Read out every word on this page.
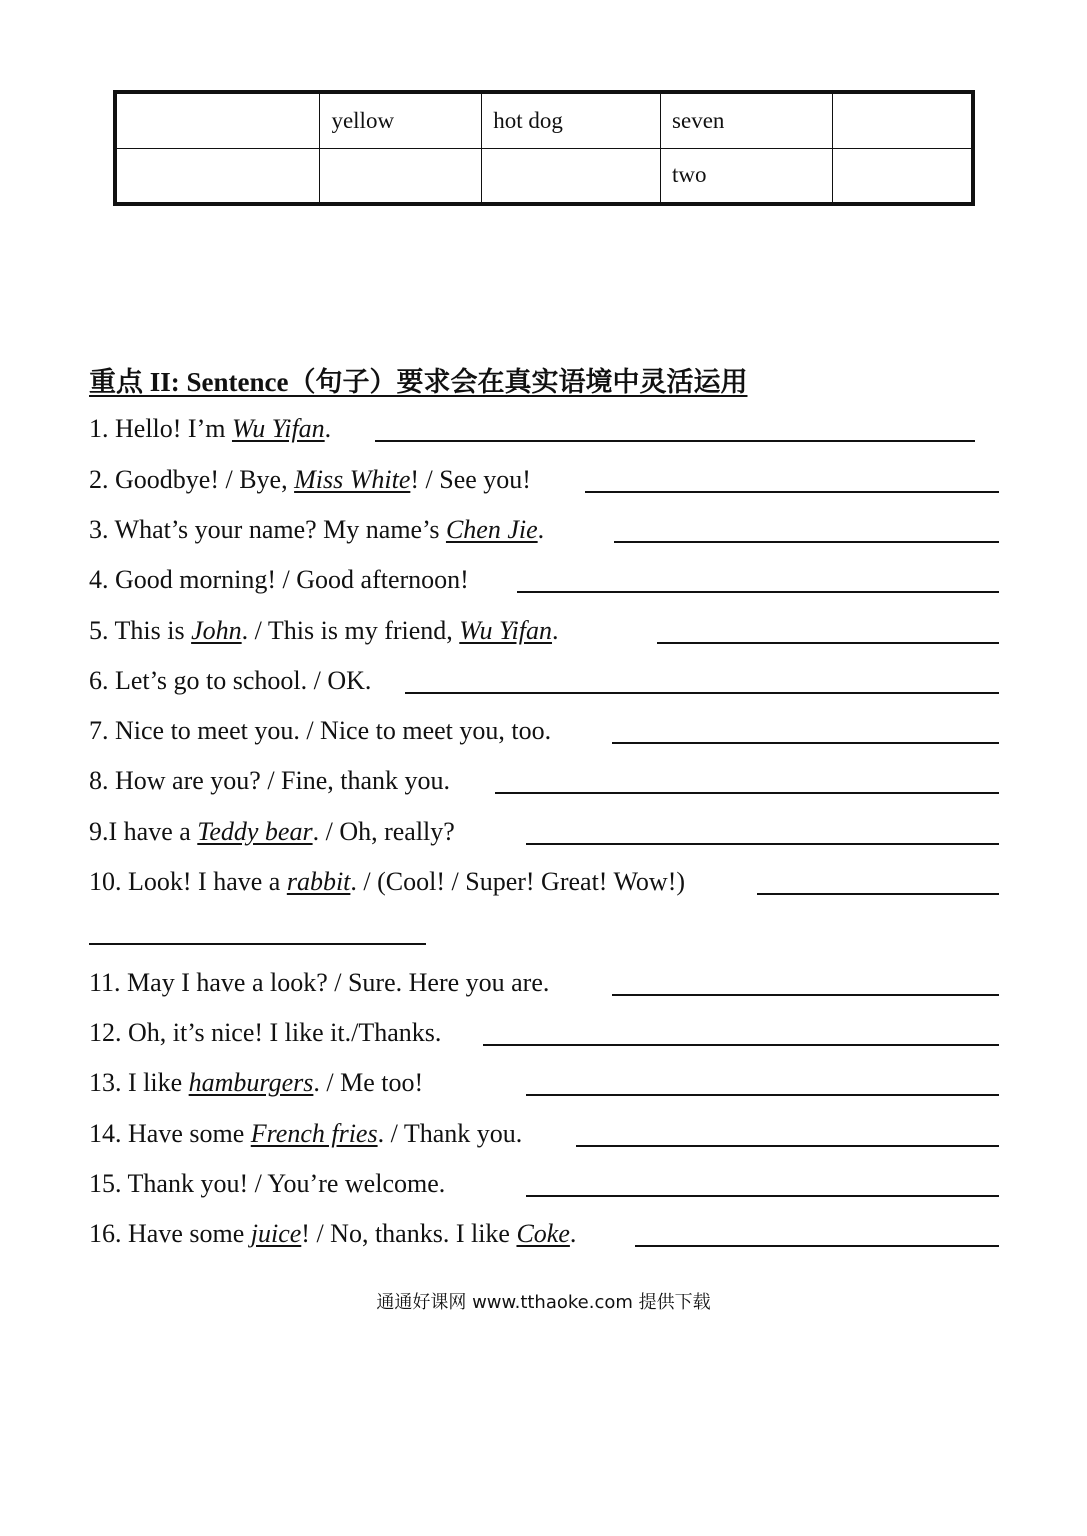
	yellow	hot dog	seven	
			two	
重点 II: Sentence（句子）要求会在真实语境中灵活运用
1. Hello! I’m Wu Yifan.
2. Goodbye! / Bye, Miss White! / See you!
3. What’s your name? My name’s Chen Jie.
4. Good morning! / Good afternoon!
5. This is John. / This is my friend, Wu Yifan.
6. Let’s go to school. / OK.
7. Nice to meet you. / Nice to meet you, too.
8. How are you? / Fine, thank you.
9.I have a Teddy bear. / Oh, really?
10. Look! I have a rabbit. / (Cool! / Super! Great! Wow!)
11. May I have a look? / Sure. Here you are.
12. Oh, it’s nice! I like it./Thanks.
13. I like hamburgers. / Me too!
14. Have some French fries. / Thank you.
15. Thank you! / You’re welcome.
16. Have some juice! / No, thanks. I like Coke.
通通好课网 www.tthaoke.com 提供下载
